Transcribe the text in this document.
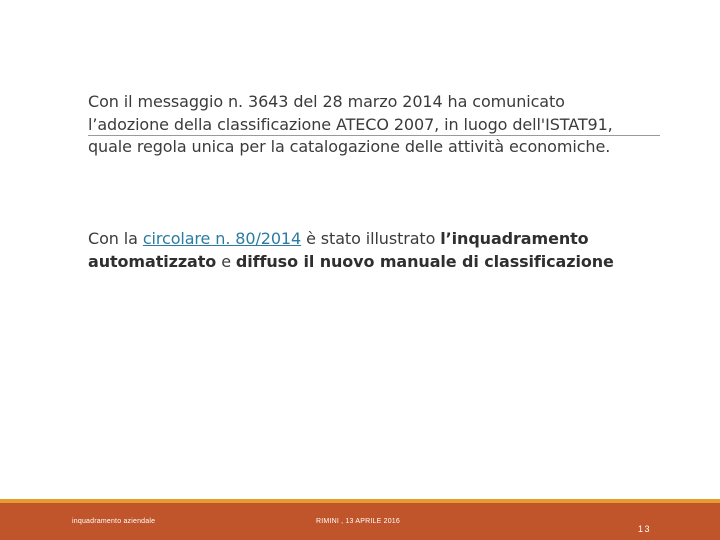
Con il messaggio n. 3643 del 28 marzo 2014 ha comunicato l’adozione della classificazione ATECO 2007, in luogo dell'ISTAT91, quale regola unica per la catalogazione delle attività economiche.

Con la circolare n. 80/2014 è stato illustrato l’inquadramento automatizzato e diffuso il nuovo manuale di classificazione

inquadramento aziendale	RIMINI , 13 APRILE 2016
13
